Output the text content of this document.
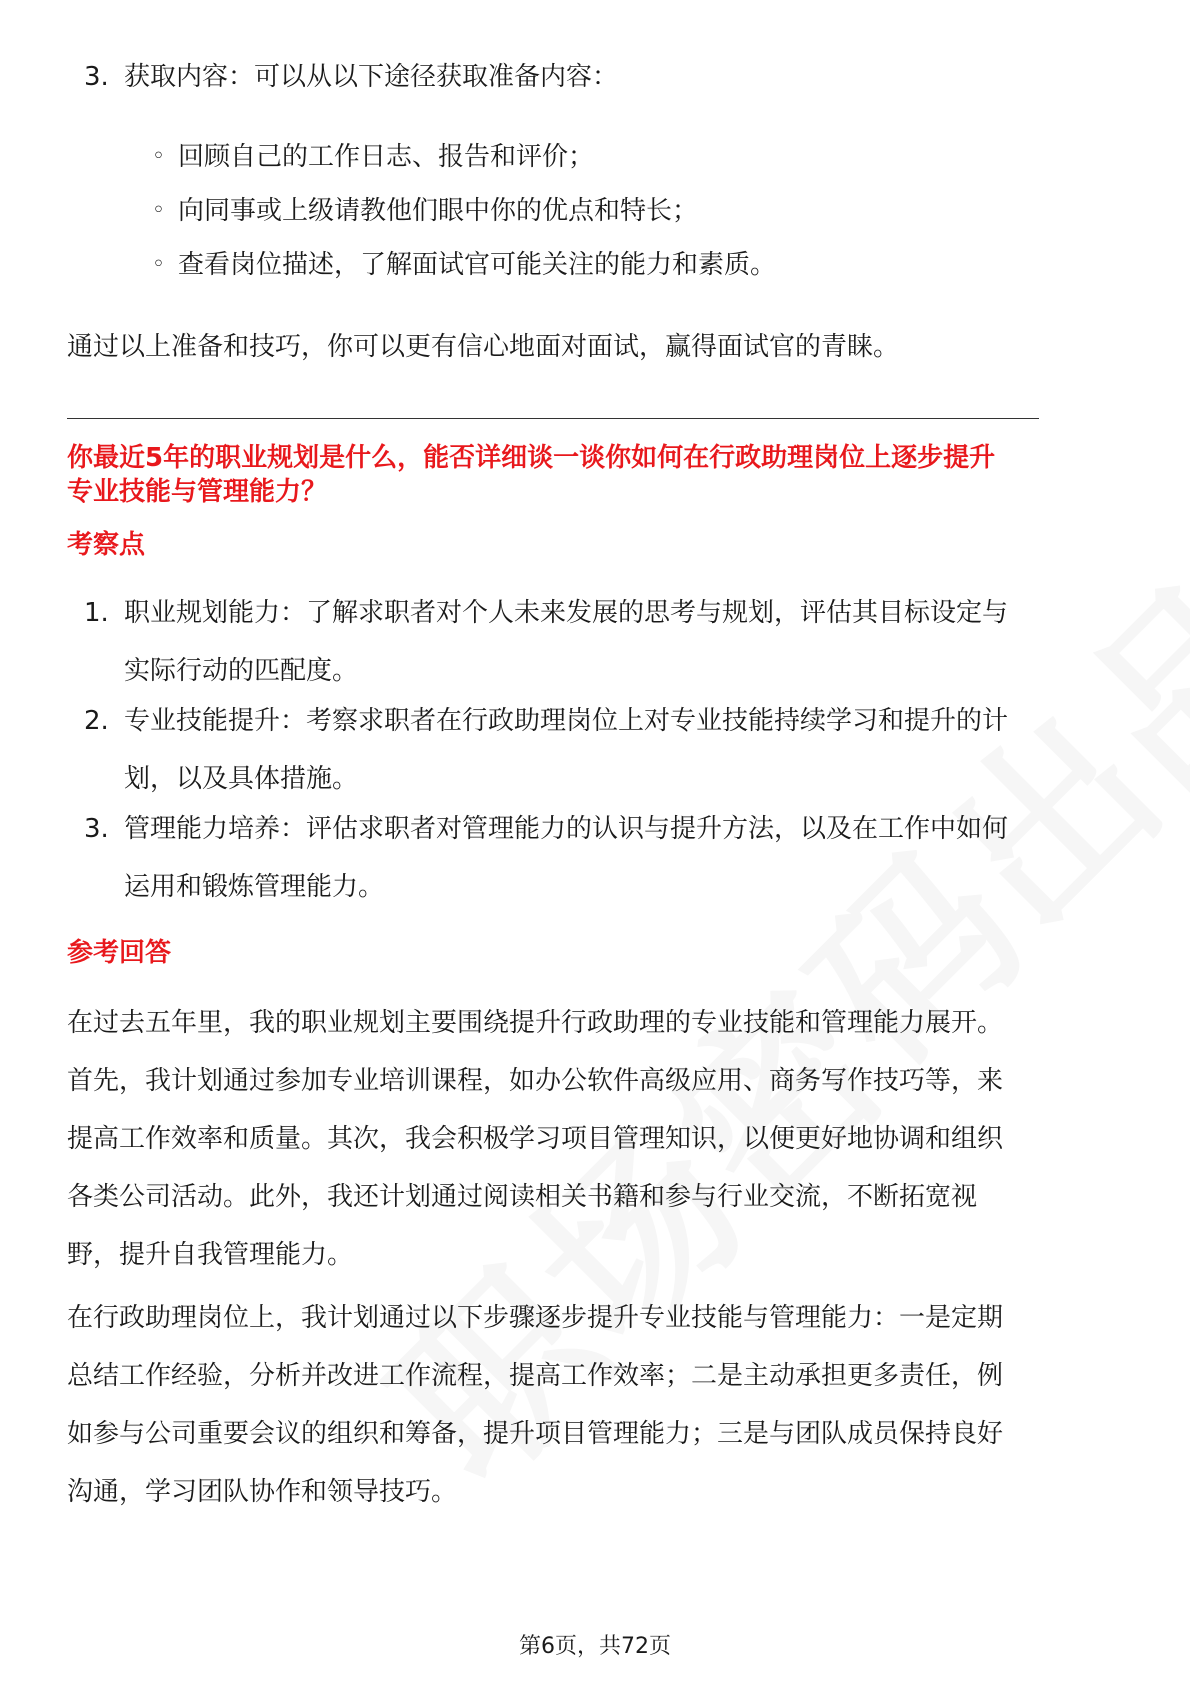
3. 获取内容：可以从以下途径获取准备内容：
◦ 回顾自己的工作日志、报告和评价；
◦ 向同事或上级请教他们眼中你的优点和特长；
◦ 查看岗位描述，了解面试官可能关注的能力和素质。
通过以上准备和技巧，你可以更有信心地面对面试，赢得面试官的青睐。
你最近5年的职业规划是什么，能否详细谈一谈你如何在行政助理岗位上逐步提升
专业技能与管理能力？
考察点
1. 职业规划能力：了解求职者对个人未来发展的思考与规划，评估其目标设定与
实际行动的匹配度。
2. 专业技能提升：考察求职者在行政助理岗位上对专业技能持续学习和提升的计
划，以及具体措施。
3. 管理能力培养：评估求职者对管理能力的认识与提升方法，以及在工作中如何
运用和锻炼管理能力。
参考回答
在过去五年里，我的职业规划主要围绕提升行政助理的专业技能和管理能力展开。
首先，我计划通过参加专业培训课程，如办公软件高级应用、商务写作技巧等，来
提高工作效率和质量。其次，我会积极学习项目管理知识，以便更好地协调和组织
各类公司活动。此外，我还计划通过阅读相关书籍和参与行业交流，不断拓宽视
野，提升自我管理能力。
在行政助理岗位上，我计划通过以下步骤逐步提升专业技能与管理能力：一是定期
总结工作经验，分析并改进工作流程，提高工作效率；二是主动承担更多责任，例
如参与公司重要会议的组织和筹备，提升项目管理能力；三是与团队成员保持良好
沟通，学习团队协作和领导技巧。
第6页，共72页
